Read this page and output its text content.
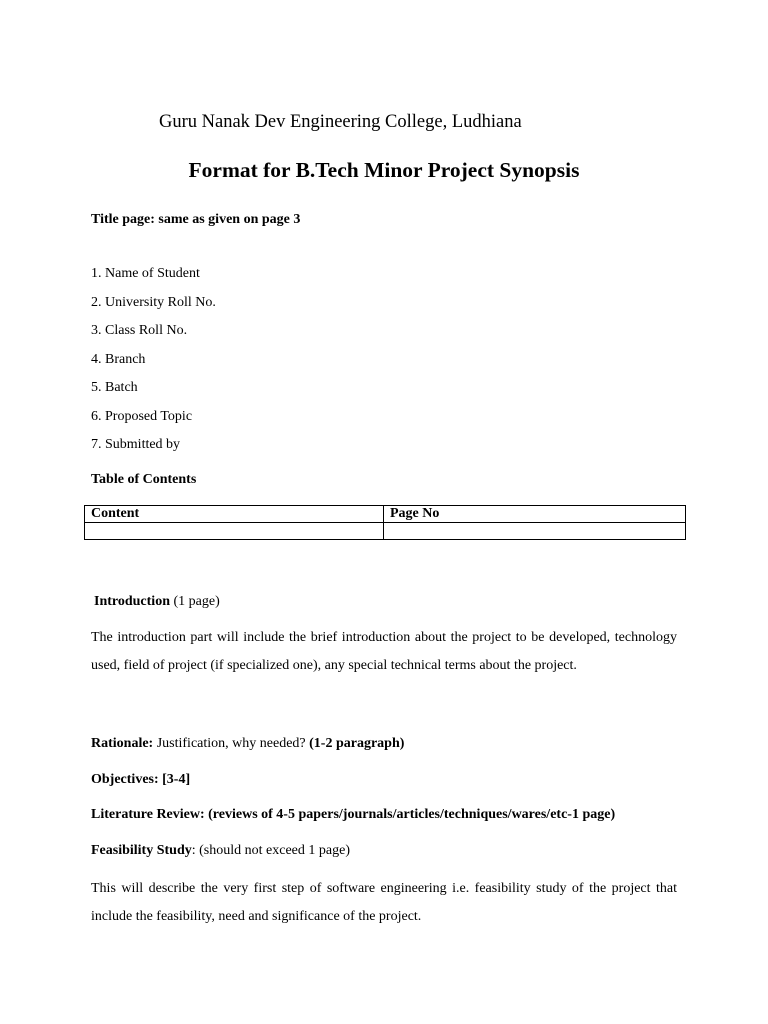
Guru Nanak Dev Engineering College, Ludhiana
Format for B.Tech Minor Project Synopsis
Title page: same as given on page 3
1. Name of Student
2. University Roll No.
3. Class Roll No.
4. Branch
5. Batch
6. Proposed Topic
7. Submitted by
Table of Contents
Content	Page No

Introduction (1 page)
The introduction part will include the brief introduction about the project to be developed, technology used, field of project (if specialized one), any special technical terms about the project.
Rationale: Justification, why needed? (1-2 paragraph)
Objectives: [3-4]
Literature Review: (reviews of 4-5 papers/journals/articles/techniques/wares/etc-1 page)
Feasibility Study: (should not exceed 1 page)
This will describe the very first step of software engineering i.e. feasibility study of the project that include the feasibility, need and significance of the project.
